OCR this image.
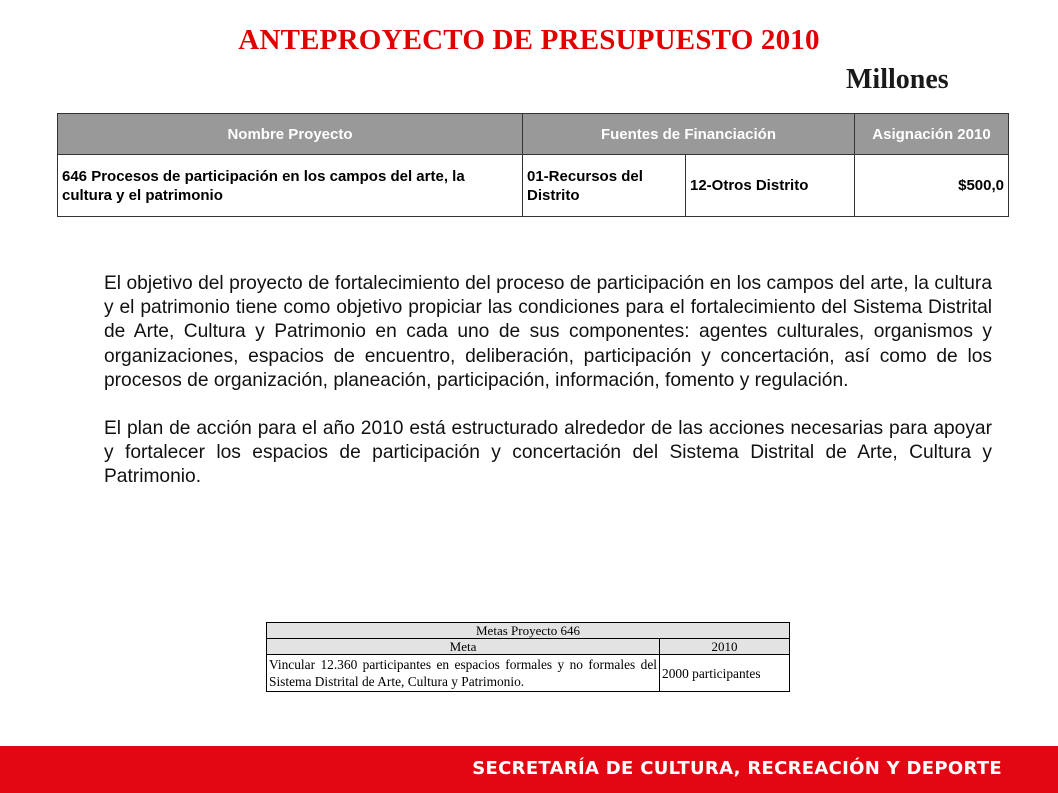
ANTEPROYECTO DE PRESUPUESTO 2010
Millones
Nombre Proyecto	Fuentes de Financiación		Asignación 2010
646 Procesos de participación en los campos del arte, la cultura y el patrimonio	01-Recursos del Distrito	12-Otros Distrito	$500,0

El objetivo del proyecto de fortalecimiento del proceso de participación en los campos del arte, la cultura y el patrimonio tiene como objetivo propiciar las condiciones para el fortalecimiento del Sistema Distrital de Arte, Cultura y Patrimonio en cada uno de sus componentes: agentes culturales, organismos y organizaciones, espacios de encuentro, deliberación, participación y concertación, así como de los procesos de organización, planeación, participación, información, fomento y regulación.

El plan de acción para el año 2010 está estructurado alrededor de las acciones necesarias para apoyar y fortalecer los espacios de participación y concertación del Sistema Distrital de Arte, Cultura y Patrimonio.

Metas Proyecto 646	
Meta	2010
Vincular 12.360 participantes en espacios formales y no formales del Sistema Distrital de Arte, Cultura y Patrimonio.	2000 participantes
SECRETARÍA DE CULTURA, RECREACIÓN Y DEPORTE
